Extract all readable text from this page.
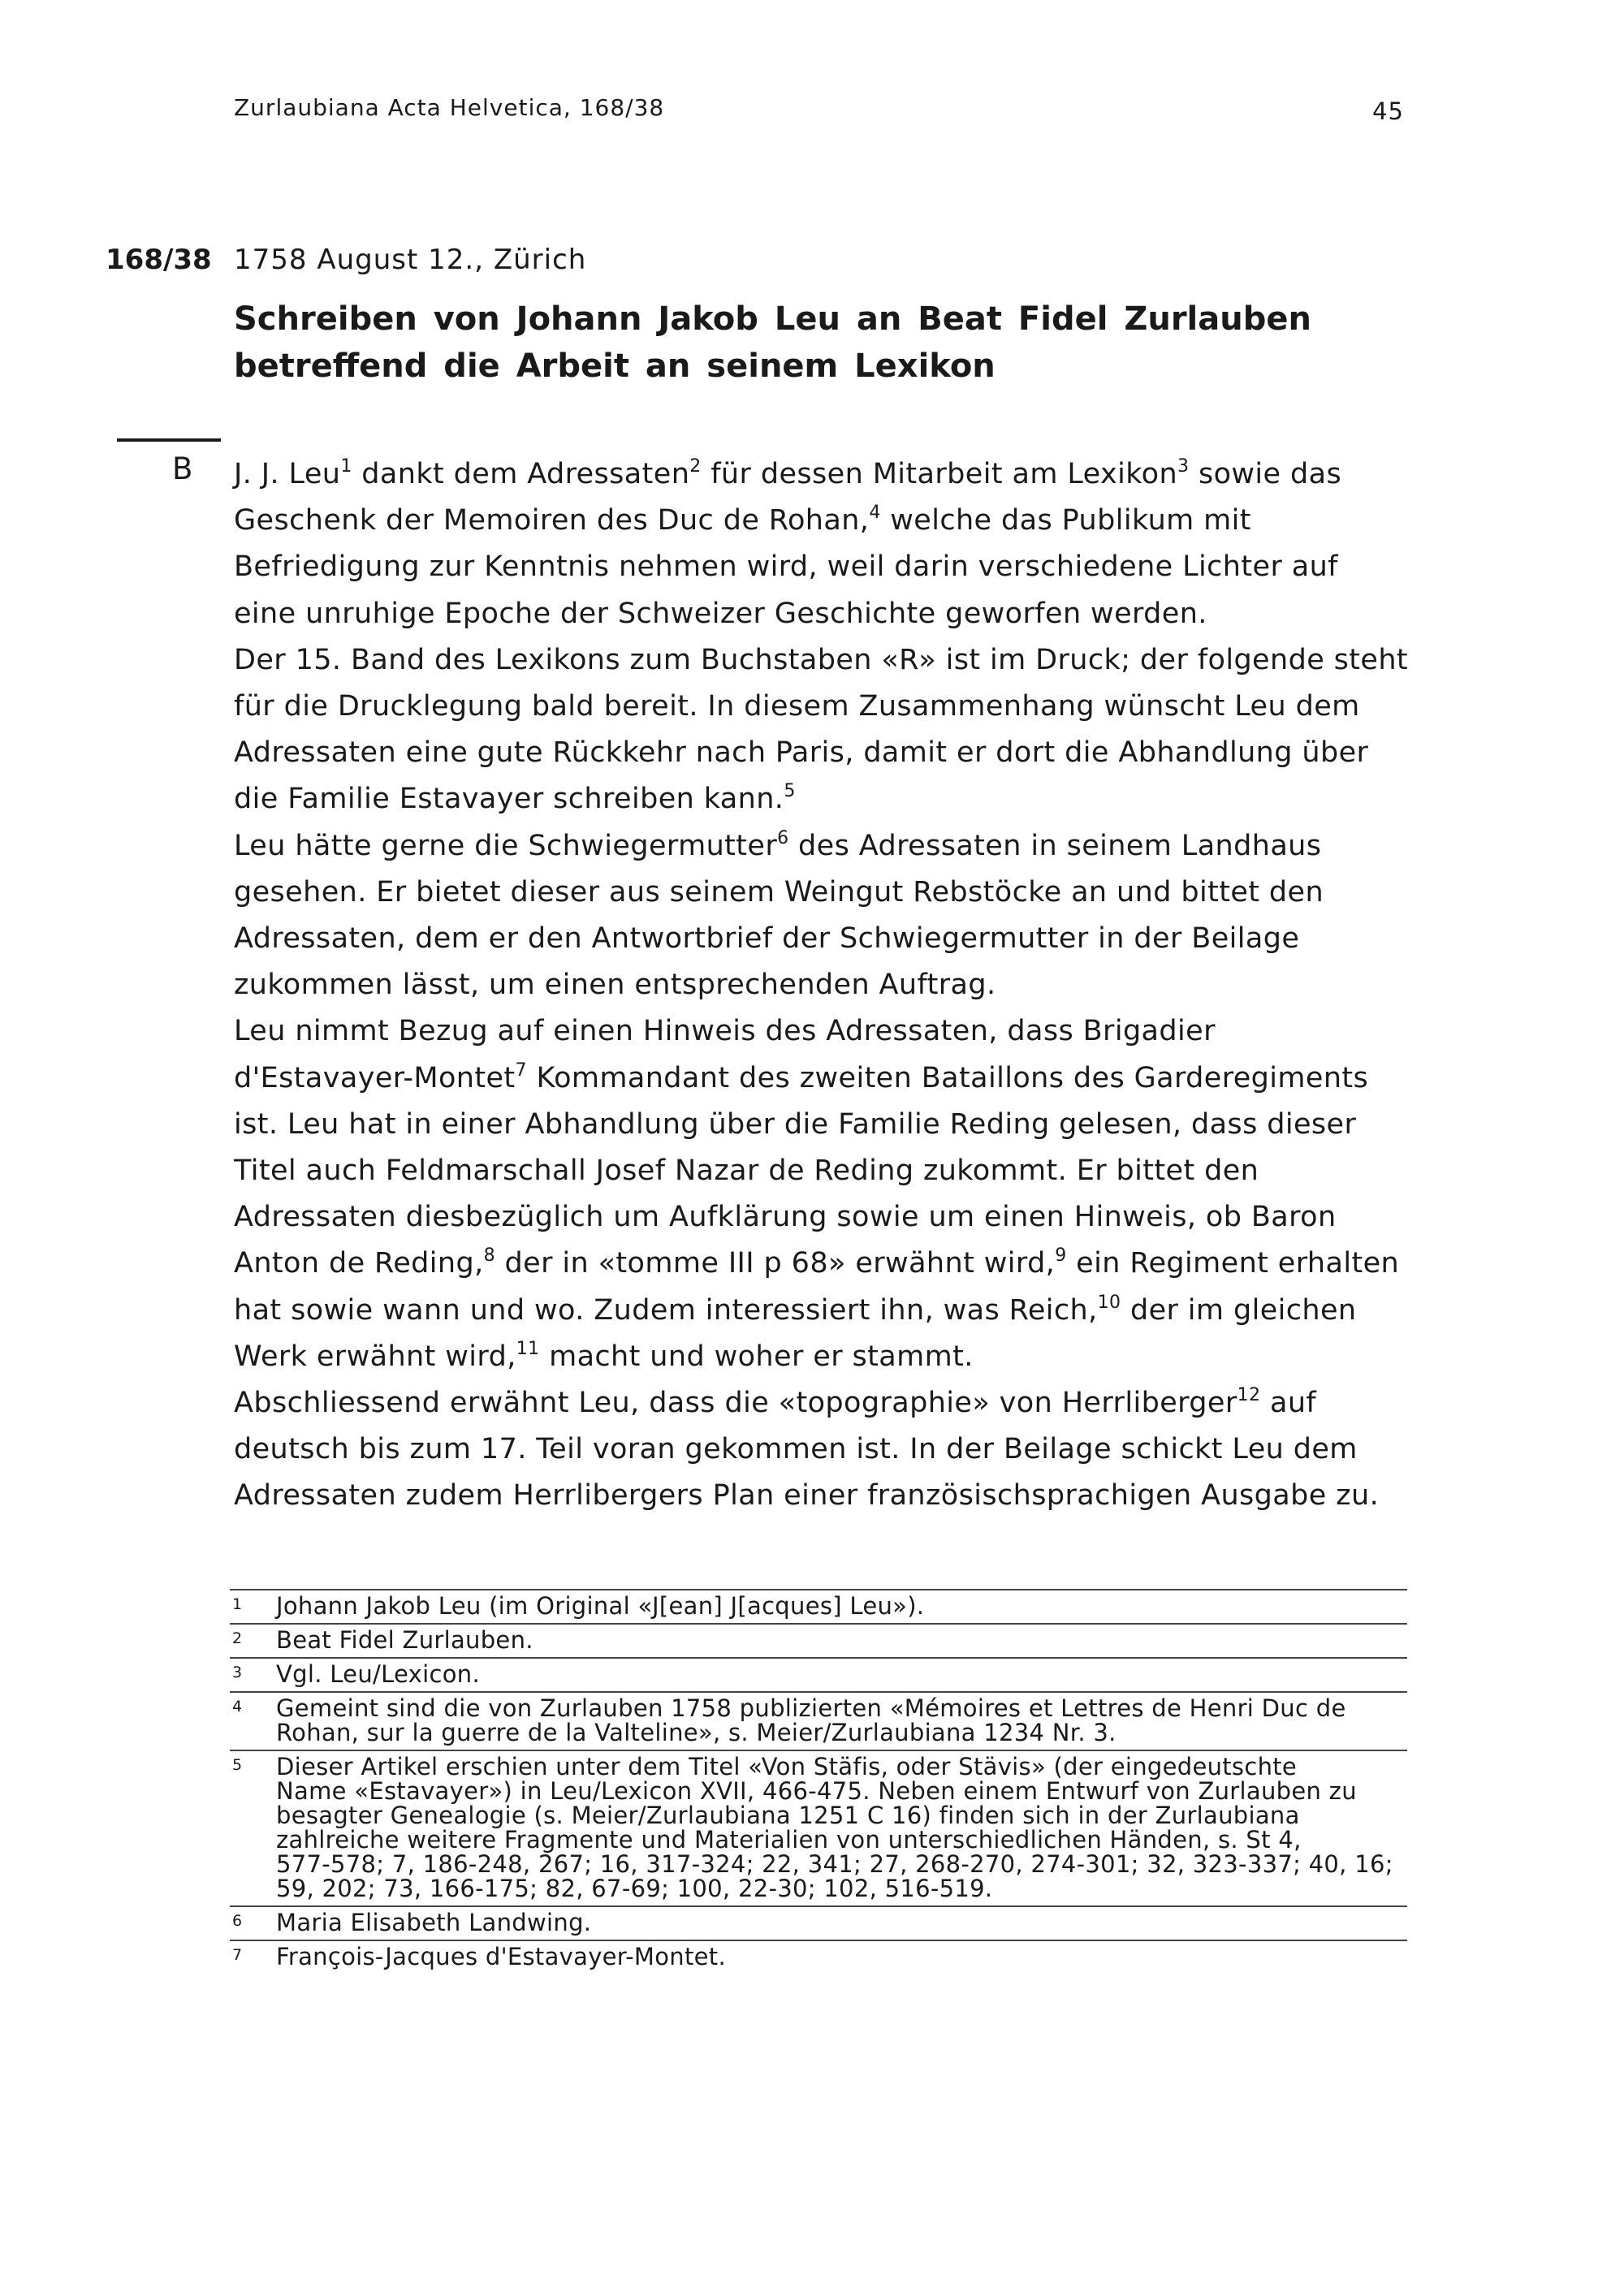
Zurlaubiana Acta Helvetica, 168/38	45
168/38 1758 August 12., Zürich
Schreiben von Johann Jakob Leu an Beat Fidel Zurlauben
betreffend die Arbeit an seinem Lexikon
B J. J. Leu$^1$ dankt dem Adressaten$^2$ für dessen Mitarbeit am Lexikon$^3$ sowie das
Geschenk der Memoiren des Duc de Rohan,$^4$ welche das Publikum mit
Befriedigung zur Kenntnis nehmen wird, weil darin verschiedene Lichter auf
eine unruhige Epoche der Schweizer Geschichte geworfen werden.
Der 15. Band des Lexikons zum Buchstaben «R» ist im Druck; der folgende steht
für die Drucklegung bald bereit. In diesem Zusammenhang wünscht Leu dem
Adressaten eine gute Rückkehr nach Paris, damit er dort die Abhandlung über
die Familie Estavayer schreiben kann.$^5$
Leu hätte gerne die Schwiegermutter$^6$ des Adressaten in seinem Landhaus
gesehen. Er bietet dieser aus seinem Weingut Rebstöcke an und bittet den
Adressaten, dem er den Antwortbrief der Schwiegermutter in der Beilage
zukommen lässt, um einen entsprechenden Auftrag.
Leu nimmt Bezug auf einen Hinweis des Adressaten, dass Brigadier
d'Estavayer-Montet$^7$ Kommandant des zweiten Bataillons des Garderegiments
ist. Leu hat in einer Abhandlung über die Familie Reding gelesen, dass dieser
Titel auch Feldmarschall Josef Nazar de Reding zukommt. Er bittet den
Adressaten diesbezüglich um Aufklärung sowie um einen Hinweis, ob Baron
Anton de Reding,$^8$ der in «tomme III p 68» erwähnt wird,$^9$ ein Regiment erhalten
hat sowie wann und wo. Zudem interessiert ihn, was Reich,$^{10}$ der im gleichen
Werk erwähnt wird,$^{11}$ macht und woher er stammt.
Abschliessend erwähnt Leu, dass die «topographie» von Herrliberger$^{12}$ auf
deutsch bis zum 17. Teil voran gekommen ist. In der Beilage schickt Leu dem
Adressaten zudem Herrlibergers Plan einer französischsprachigen Ausgabe zu.
1	Johann Jakob Leu (im Original «J[ean] J[acques] Leu»).
2	Beat Fidel Zurlauben.
3	Vgl. Leu/Lexicon.
4	Gemeint sind die von Zurlauben 1758 publizierten «Mémoires et Lettres de Henri Duc de
Rohan, sur la guerre de la Valteline», s. Meier/Zurlaubiana 1234 Nr. 3.
5	Dieser Artikel erschien unter dem Titel «Von Stäfis, oder Stävis» (der eingedeutschte
Name «Estavayer») in Leu/Lexicon XVII, 466-475. Neben einem Entwurf von Zurlauben zu
besagter Genealogie (s. Meier/Zurlaubiana 1251 C 16) finden sich in der Zurlaubiana
zahlreiche weitere Fragmente und Materialien von unterschiedlichen Händen, s. St 4,
577-578; 7, 186-248, 267; 16, 317-324; 22, 341; 27, 268-270, 274-301; 32, 323-337; 40, 16;
59, 202; 73, 166-175; 82, 67-69; 100, 22-30; 102, 516-519.
6	Maria Elisabeth Landwing.
7	François-Jacques d'Estavayer-Montet.
